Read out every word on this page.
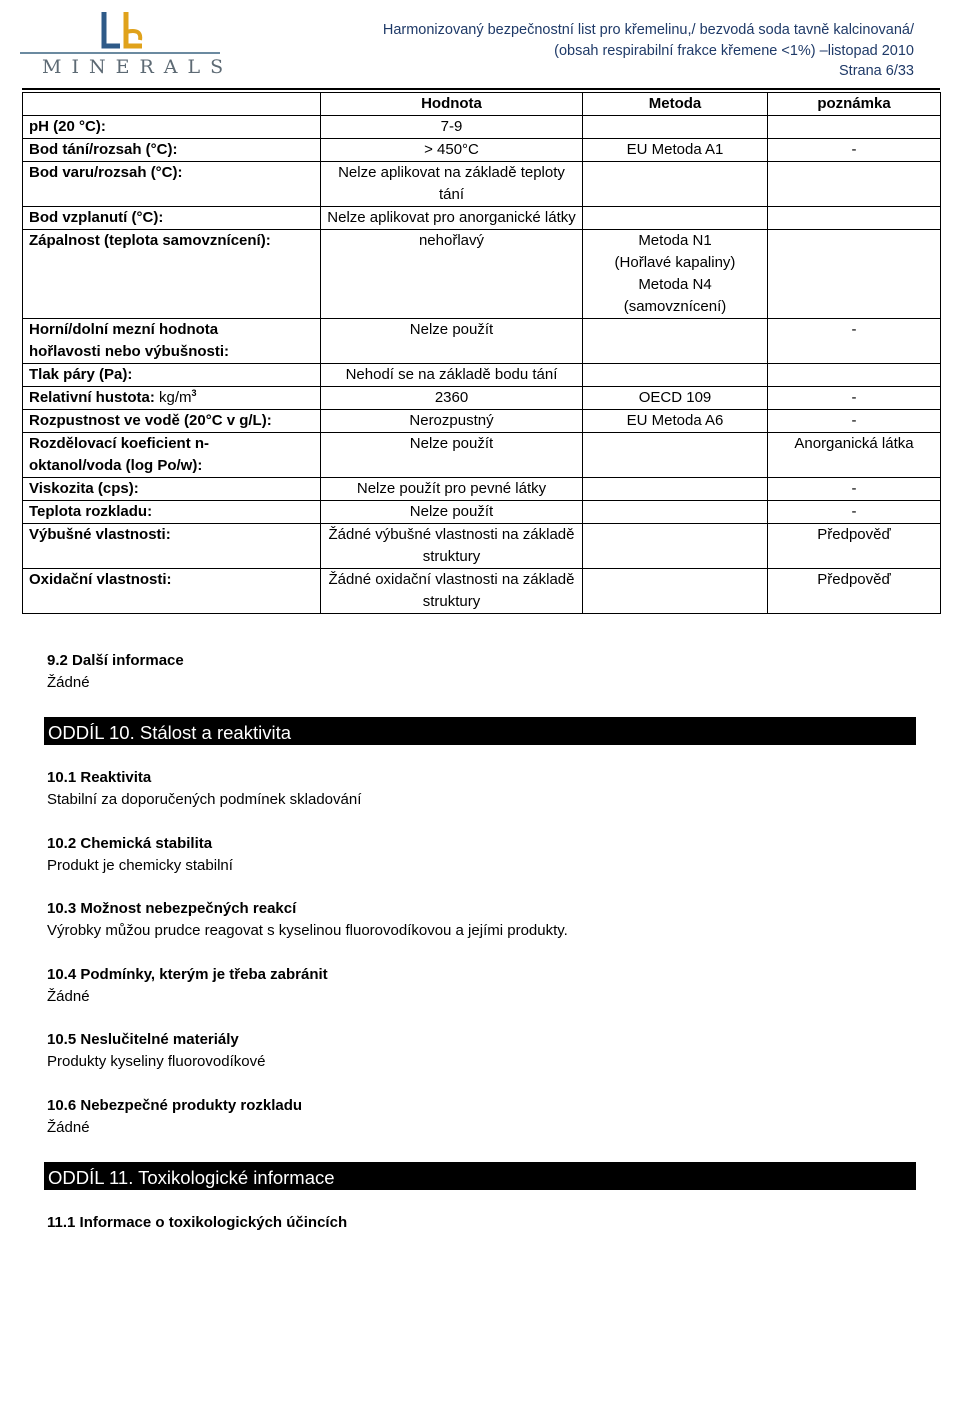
MINERALS
Harmonizovaný bezpečnostní list pro křemelinu,/ bezvodá soda tavně kalcinovaná/
(obsah respirabilní frakce křemene <1%) –listopad 2010
Strana 6/33
	Hodnota	Metoda	poznámka
pH (20 °C):	7-9		
Bod tání/rozsah (°C):	> 450°C	EU Metoda A1	-
Bod varu/rozsah (°C):	Nelze aplikovat na základě teploty tání		
Bod vzplanutí (°C):	Nelze aplikovat pro anorganické látky		
Zápalnost (teplota samovznícení):	nehořlavý	Metoda N1 (Hořlavé kapaliny) Metoda N4 (samovznícení)	
Horní/dolní mezní hodnota hořlavosti nebo výbušnosti:	Nelze použít		-
Tlak páry (Pa):	Nehodí se na základě bodu tání		
Relativní hustota: $kg/m^3$	2360	OECD 109	-
Rozpustnost ve vodě (20°C v g/L):	Nerozpustný	EU Metoda A6	-
Rozdělovací koeficient n-oktanol/voda (log Po/w):	Nelze použít		Anorganická látka
Viskozita (cps):	Nelze použít pro pevné látky		-
Teplota rozkladu:	Nelze použít		-
Výbušné vlastnosti:	Žádné výbušné vlastnosti na základě struktury		Předpověď
Oxidační vlastnosti:	Žádné oxidační vlastnosti na základě struktury		Předpověď
9.2 Další informace
Žádné
ODDÍL 10. Stálost a reaktivita
10.1 Reaktivita
Stabilní za doporučených podmínek skladování
10.2 Chemická stabilita
Produkt je chemicky stabilní
10.3 Možnost nebezpečných reakcí
Výrobky můžou prudce reagovat s kyselinou fluorovodíkovou a jejími produkty.
10.4 Podmínky, kterým je třeba zabránit
Žádné
10.5 Neslučitelné materiály
Produkty kyseliny fluorovodíkové
10.6 Nebezpečné produkty rozkladu
Žádné
ODDÍL 11. Toxikologické informace
11.1 Informace o toxikologických účincích
